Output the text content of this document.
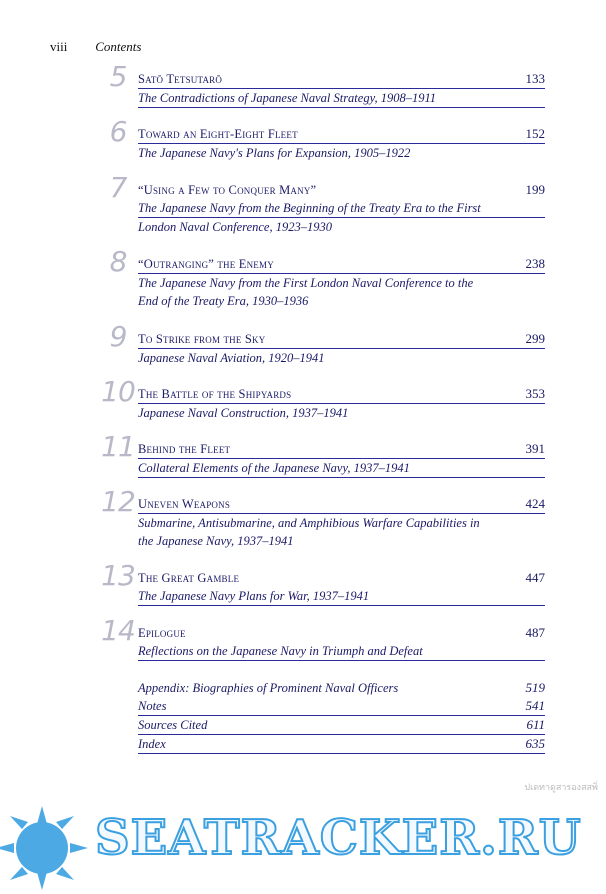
viii Contents
5 Satō Tetsutarō	133
The Contradictions of Japanese Naval Strategy, 1908–1911
6 Toward an Eight-Eight Fleet	152
The Japanese Navy's Plans for Expansion, 1905–1922
7 “Using a Few to Conquer Many”	199
The Japanese Navy from the Beginning of the Treaty Era to the First
London Naval Conference, 1923–1930
8 “Outranging” the Enemy	238
The Japanese Navy from the First London Naval Conference to the
End of the Treaty Era, 1930–1936
9 To Strike from the Sky	299
Japanese Naval Aviation, 1920–1941
10 The Battle of the Shipyards	353
Japanese Naval Construction, 1937–1941
11 Behind the Fleet	391
Collateral Elements of the Japanese Navy, 1937–1941
12 Uneven Weapons	424
Submarine, Antisubmarine, and Amphibious Warfare Capabilities in
the Japanese Navy, 1937–1941
13 The Great Gamble	447
The Japanese Navy Plans for War, 1937–1941
14 Epilogue	487
Reflections on the Japanese Navy in Triumph and Defeat
Appendix: Biographies of Prominent Naval Officers	519
Notes	541
Sources Cited	611
Index	635
ปเดทาดูสารองสสพิ่
SEATRACKER.RU
